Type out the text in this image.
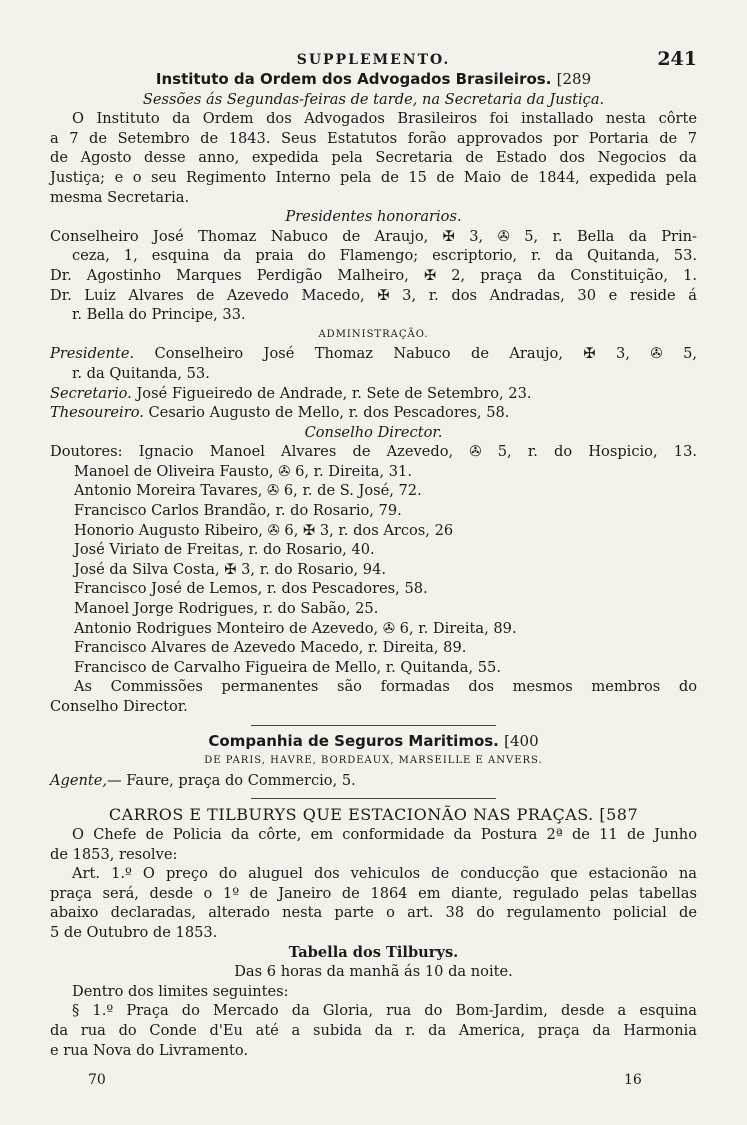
SUPPLEMENTO.	241
Instituto da Ordem dos Advogados Brasileiros. [289
Sessões ás Segundas-feiras de tarde, na Secretaria da Justiça.
O Instituto da Ordem dos Advogados Brasileiros foi installado nesta côrte
a 7 de Setembro de 1843. Seus Estatutos forão approvados por Portaria de 7
de Agosto desse anno, expedida pela Secretaria de Estado dos Negocios da
Justiça; e o seu Regimento Interno pela de 15 de Maio de 1844, expedida pela
mesma Secretaria.
Presidentes honorarios.
Conselheiro José Thomaz Nabuco de Araujo, ✠ 3, ✇ 5, r. Bella da Prin-
ceza, 1, esquina da praia do Flamengo; escriptorio, r. da Quitanda, 53.
Dr. Agostinho Marques Perdigão Malheiro, ✠ 2, praça da Constituição, 1.
Dr. Luiz Alvares de Azevedo Macedo, ✠ 3, r. dos Andradas, 30 e reside á
r. Bella do Principe, 33.
ADMINISTRAÇÃO.
Presidente. Conselheiro José Thomaz Nabuco de Araujo, ✠ 3, ✇ 5,
r. da Quitanda, 53.
Secretario. José Figueiredo de Andrade, r. Sete de Setembro, 23.
Thesoureiro. Cesario Augusto de Mello, r. dos Pescadores, 58.
Conselho Director.
Doutores: Ignacio Manoel Alvares de Azevedo, ✇ 5, r. do Hospicio, 13.
Manoel de Oliveira Fausto, ✇ 6, r. Direita, 31.
Antonio Moreira Tavares, ✇ 6, r. de S. José, 72.
Francisco Carlos Brandão, r. do Rosario, 79.
Honorio Augusto Ribeiro, ✇ 6, ✠ 3, r. dos Arcos, 26
José Viriato de Freitas, r. do Rosario, 40.
José da Silva Costa, ✠ 3, r. do Rosario, 94.
Francisco José de Lemos, r. dos Pescadores, 58.
Manoel Jorge Rodrigues, r. do Sabão, 25.
Antonio Rodrigues Monteiro de Azevedo, ✇ 6, r. Direita, 89.
Francisco Alvares de Azevedo Macedo, r. Direita, 89.
Francisco de Carvalho Figueira de Mello, r. Quitanda, 55.
As Commissões permanentes são formadas dos mesmos membros do
Conselho Director.
Companhia de Seguros Maritimos. [400
DE PARIS, HAVRE, BORDEAUX, MARSEILLE E ANVERS.
Agente,— Faure, praça do Commercio, 5.
CARROS E TILBURYS QUE ESTACIONÃO NAS PRAÇAS. [587
O Chefe de Policia da côrte, em conformidade da Postura 2ª de 11 de Junho
de 1853, resolve:
Art. 1.º O preço do aluguel dos vehiculos de conducção que estacionão na
praça será, desde o 1º de Janeiro de 1864 em diante, regulado pelas tabellas
abaixo declaradas, alterado nesta parte o art. 38 do regulamento policial de
5 de Outubro de 1853.
Tabella dos Tilburys.
Das 6 horas da manhã ás 10 da noite.
Dentro dos limites seguintes:
§ 1.º Praça do Mercado da Gloria, rua do Bom-Jardim, desde a esquina
da rua do Conde d'Eu até a subida da r. da America, praça da Harmonia
e rua Nova do Livramento.
70	16
